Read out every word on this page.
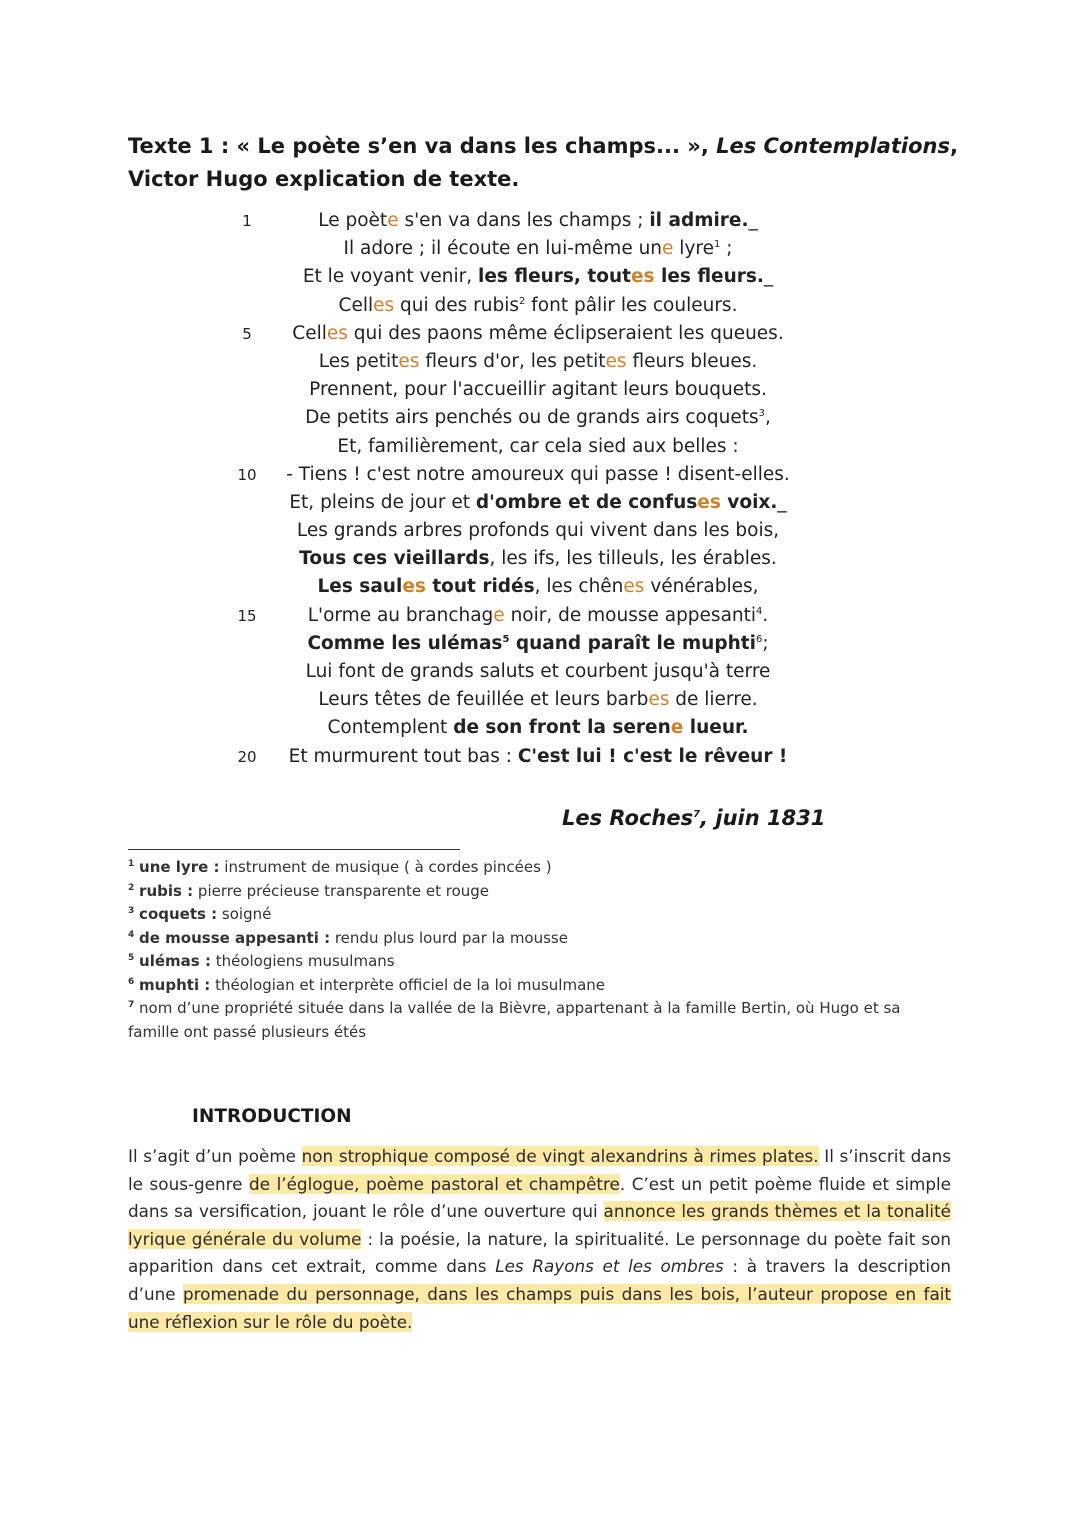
Texte 1 : « Le poète s’en va dans les champs... », Les Contemplations,
Victor Hugo explication de texte.
1	Le poète s'en va dans les champs ; il admire._
Il adore ; il écoute en lui-même une lyre$^1$ ;
Et le voyant venir, les fleurs, toutes les fleurs._
Celles qui des rubis$^2$ font pâlir les couleurs.
5	Celles qui des paons même éclipseraient les queues.
Les petites fleurs d'or, les petites fleurs bleues.
Prennent, pour l'accueillir agitant leurs bouquets.
De petits airs penchés ou de grands airs coquets$^3$,
Et, familièrement, car cela sied aux belles :
10	- Tiens ! c'est notre amoureux qui passe ! disent-elles.
Et, pleins de jour et d'ombre et de confuses voix._
Les grands arbres profonds qui vivent dans les bois,
Tous ces vieillards, les ifs, les tilleuls, les érables.
Les saules tout ridés, les chênes vénérables,
15	L'orme au branchage noir, de mousse appesanti$^4$.
Comme les ulémas$^5$ quand paraît le muphti$^6$;
Lui font de grands saluts et courbent jusqu'à terre
Leurs têtes de feuillée et leurs barbes de lierre.
Contemplent de son front la serene lueur.
20	Et murmurent tout bas : C'est lui ! c'est le rêveur !
Les Roches$^7$, juin 1831
$^1$ une lyre : instrument de musique ( à cordes pincées )
$^2$ rubis : pierre précieuse transparente et rouge
$^3$ coquets : soigné
$^4$ de mousse appesanti : rendu plus lourd par la mousse
$^5$ ulémas : théologiens musulmans
$^6$ muphti : théologian et interprète officiel de la loi musulmane
$^7$ nom d’une propriété située dans la vallée de la Bièvre, appartenant à la famille Bertin, où Hugo et sa famille ont passé plusieurs étés
INTRODUCTION
Il s’agit d’un poème non strophique composé de vingt alexandrins à rimes plates. Il s’inscrit dans le sous-genre de l’églogue, poème pastoral et champêtre. C’est un petit poème fluide et simple dans sa versification, jouant le rôle d’une ouverture qui annonce les grands thèmes et la tonalité lyrique générale du volume : la poésie, la nature, la spiritualité. Le personnage du poète fait son apparition dans cet extrait, comme dans Les Rayons et les ombres : à travers la description d’une promenade du personnage, dans les champs puis dans les bois, l’auteur propose en fait une réflexion sur le rôle du poète.
